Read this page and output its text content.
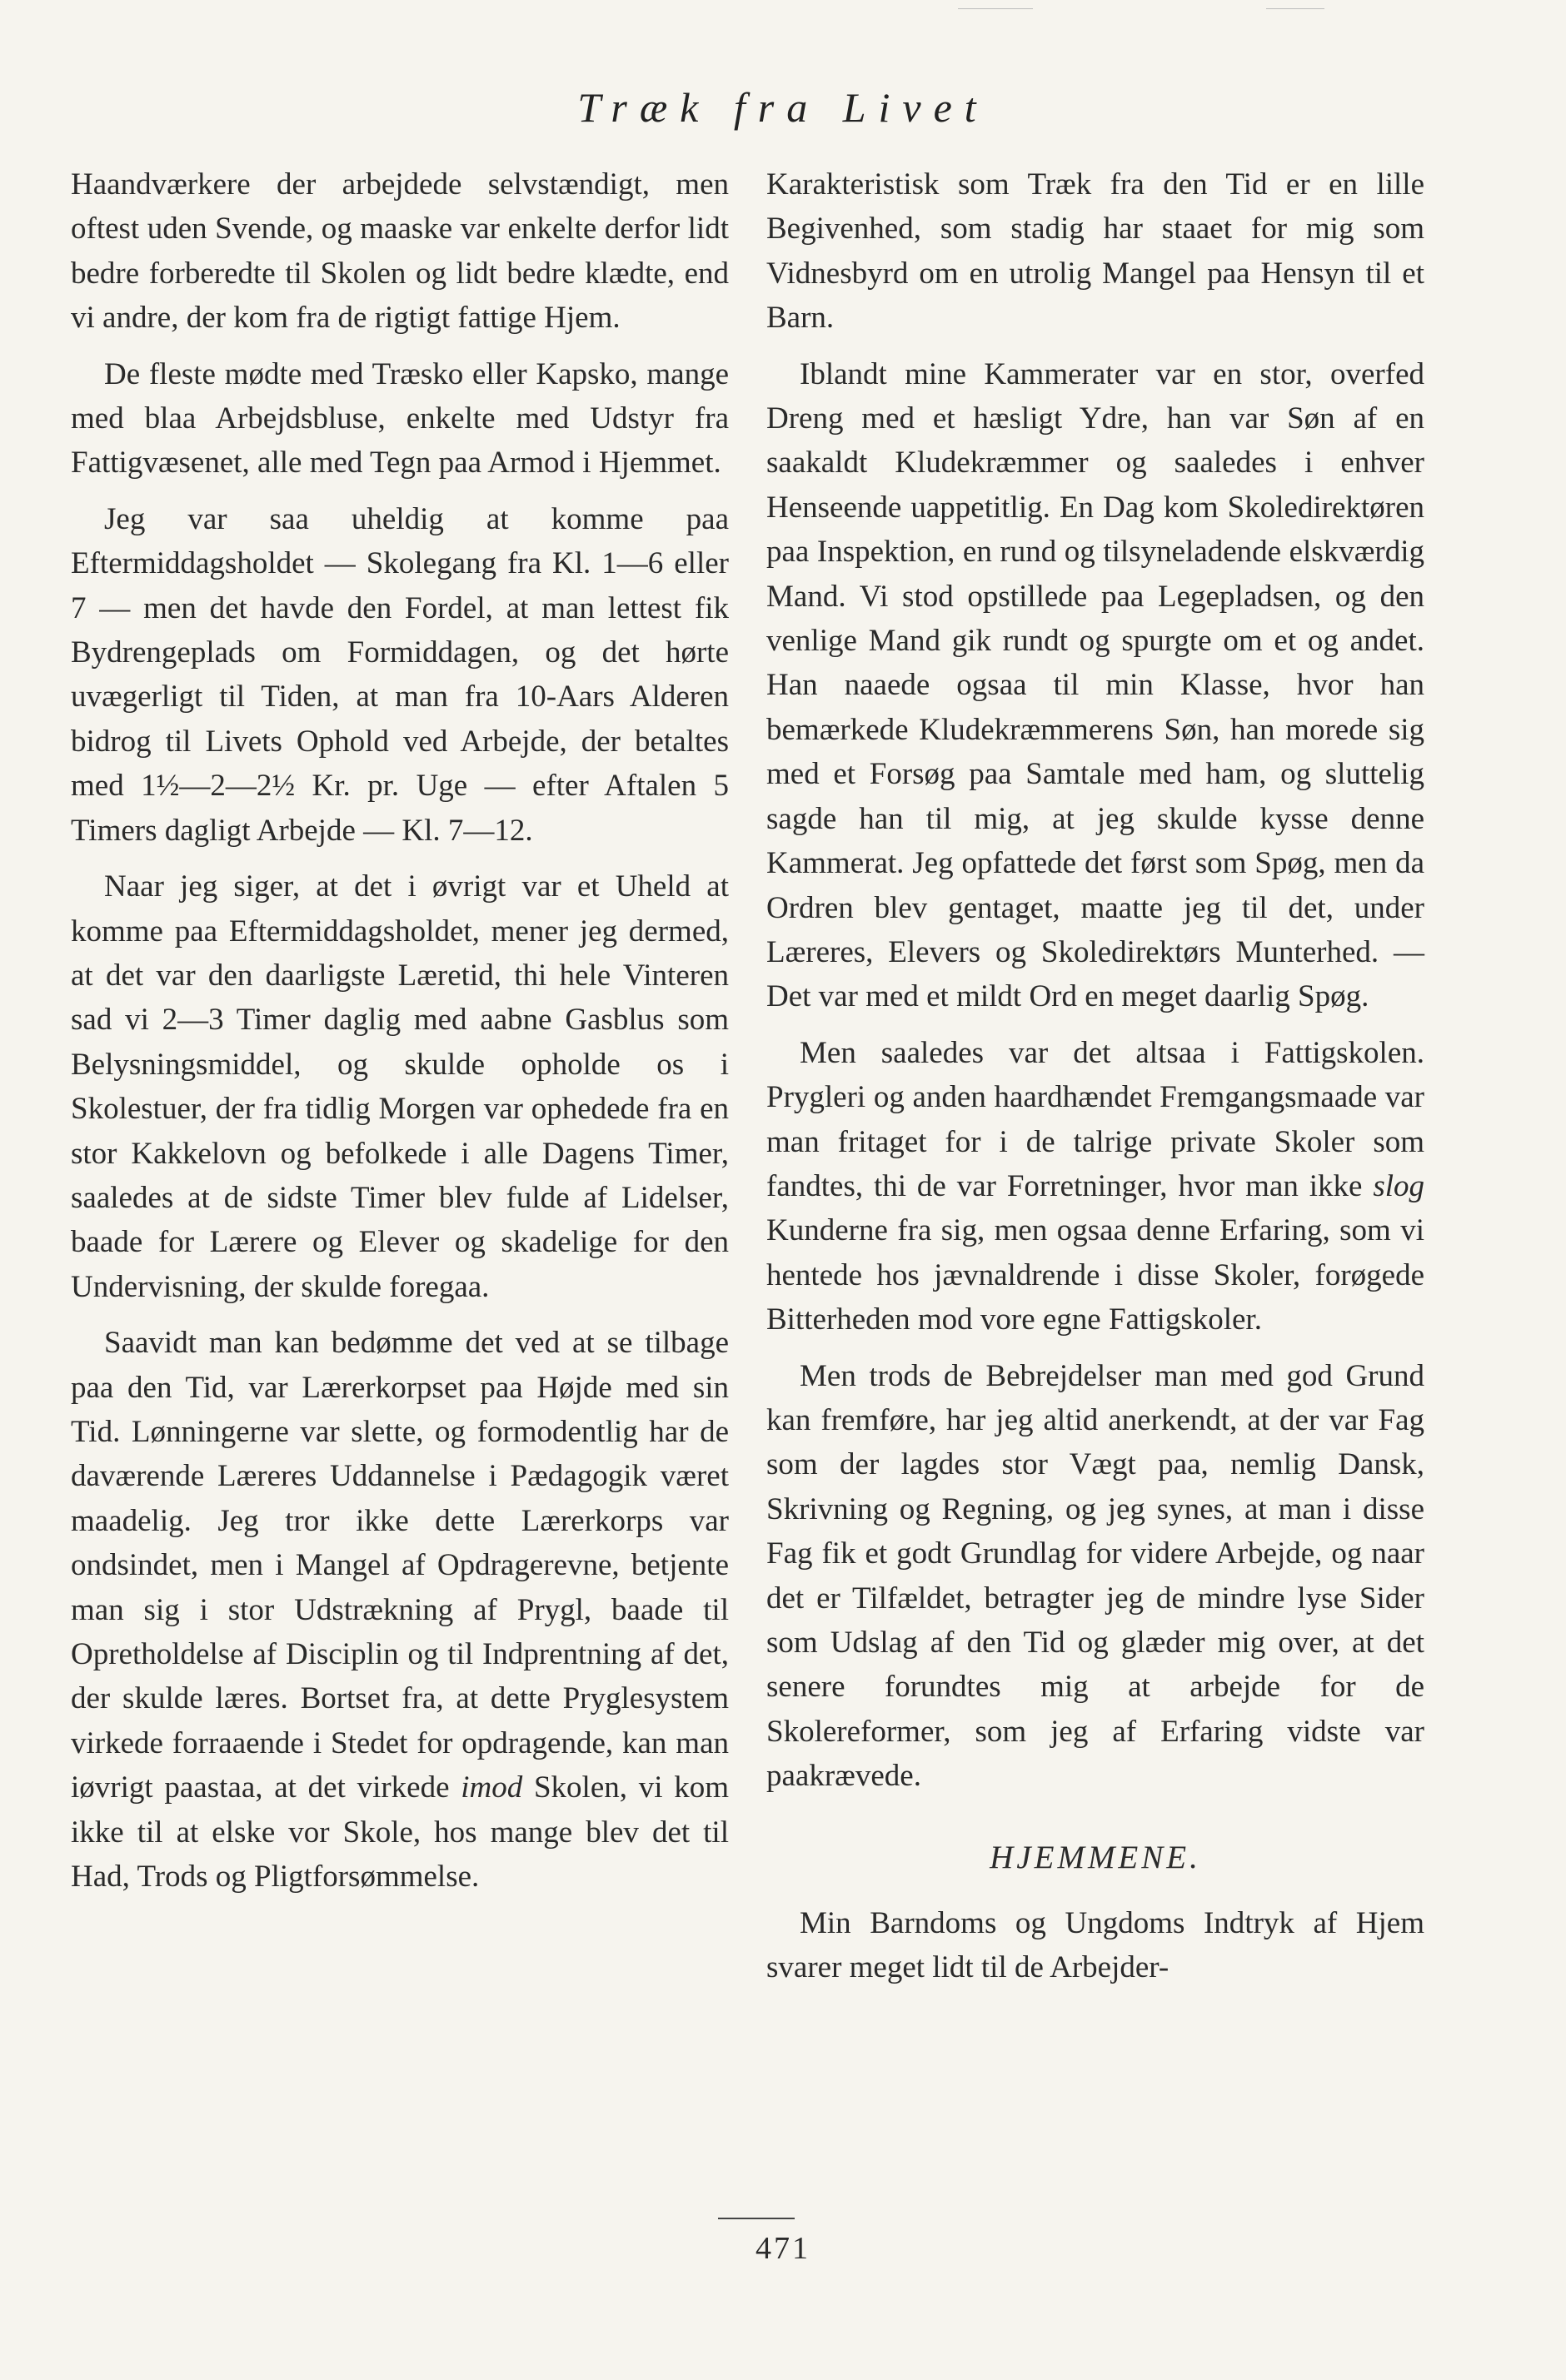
Træk fra Livet

Haandværkere der arbejdede selvstændigt, men oftest uden Svende, og maaske var enkelte derfor lidt bedre forberedte til Skolen og lidt bedre klædte, end vi andre, der kom fra de rigtigt fattige Hjem.

De fleste mødte med Træsko eller Kapsko, mange med blaa Arbejdsbluse, enkelte med Udstyr fra Fattigvæsenet, alle med Tegn paa Armod i Hjemmet.

Jeg var saa uheldig at komme paa Eftermiddagsholdet — Skolegang fra Kl. 1—6 eller 7 — men det havde den Fordel, at man lettest fik Bydrengeplads om Formiddagen, og det hørte uvægerligt til Tiden, at man fra 10-Aars Alderen bidrog til Livets Ophold ved Arbejde, der betaltes med 1½—2—2½ Kr. pr. Uge — efter Aftalen 5 Timers dagligt Arbejde — Kl. 7—12.

Naar jeg siger, at det i øvrigt var et Uheld at komme paa Eftermiddagsholdet, mener jeg dermed, at det var den daarligste Læretid, thi hele Vinteren sad vi 2—3 Timer daglig med aabne Gasblus som Belysningsmiddel, og skulde opholde os i Skolestuer, der fra tidlig Morgen var ophedede fra en stor Kakkelovn og befolkede i alle Dagens Timer, saaledes at de sidste Timer blev fulde af Lidelser, baade for Lærere og Elever og skadelige for den Undervisning, der skulde foregaa.

Saavidt man kan bedømme det ved at se tilbage paa den Tid, var Lærerkorpset paa Højde med sin Tid. Lønningerne var slette, og formodentlig har de daværende Læreres Uddannelse i Pædagogik været maadelig. Jeg tror ikke dette Lærerkorps var ondsindet, men i Mangel af Opdragerevne, betjente man sig i stor Udstrækning af Prygl, baade til Opretholdelse af Disciplin og til Indprentning af det, der skulde læres. Bortset fra, at dette Pryglesystem virkede forraaende i Stedet for opdragende, kan man iøvrigt paastaa, at det virkede imod Skolen, vi kom ikke til at elske vor Skole, hos mange blev det til Had, Trods og Pligtforsømmelse.

Karakteristisk som Træk fra den Tid er en lille Begivenhed, som stadig har staaet for mig som Vidnesbyrd om en utrolig Mangel paa Hensyn til et Barn.

Iblandt mine Kammerater var en stor, overfed Dreng med et hæsligt Ydre, han var Søn af en saakaldt Kludekræmmer og saaledes i enhver Henseende uappetitlig. En Dag kom Skoledirektøren paa Inspektion, en rund og tilsyneladende elskværdig Mand. Vi stod opstillede paa Legepladsen, og den venlige Mand gik rundt og spurgte om et og andet. Han naaede ogsaa til min Klasse, hvor han bemærkede Kludekræmmerens Søn, han morede sig med et Forsøg paa Samtale med ham, og sluttelig sagde han til mig, at jeg skulde kysse denne Kammerat. Jeg opfattede det først som Spøg, men da Ordren blev gentaget, maatte jeg til det, under Læreres, Elevers og Skoledirektørs Munterhed. — Det var med et mildt Ord en meget daarlig Spøg.

Men saaledes var det altsaa i Fattigskolen. Prygleri og anden haardhændet Fremgangsmaade var man fritaget for i de talrige private Skoler som fandtes, thi de var Forretninger, hvor man ikke slog Kunderne fra sig, men ogsaa denne Erfaring, som vi hentede hos jævnaldrende i disse Skoler, forøgede Bitterheden mod vore egne Fattigskoler.

Men trods de Bebrejdelser man med god Grund kan fremføre, har jeg altid anerkendt, at der var Fag som der lagdes stor Vægt paa, nemlig Dansk, Skrivning og Regning, og jeg synes, at man i disse Fag fik et godt Grundlag for videre Arbejde, og naar det er Tilfældet, betragter jeg de mindre lyse Sider som Udslag af den Tid og glæder mig over, at det senere forundtes mig at arbejde for de Skolereformer, som jeg af Erfaring vidste var paakrævede.

HJEMMENE.

Min Barndoms og Ungdoms Indtryk af Hjem svarer meget lidt til de Arbejder-

471
